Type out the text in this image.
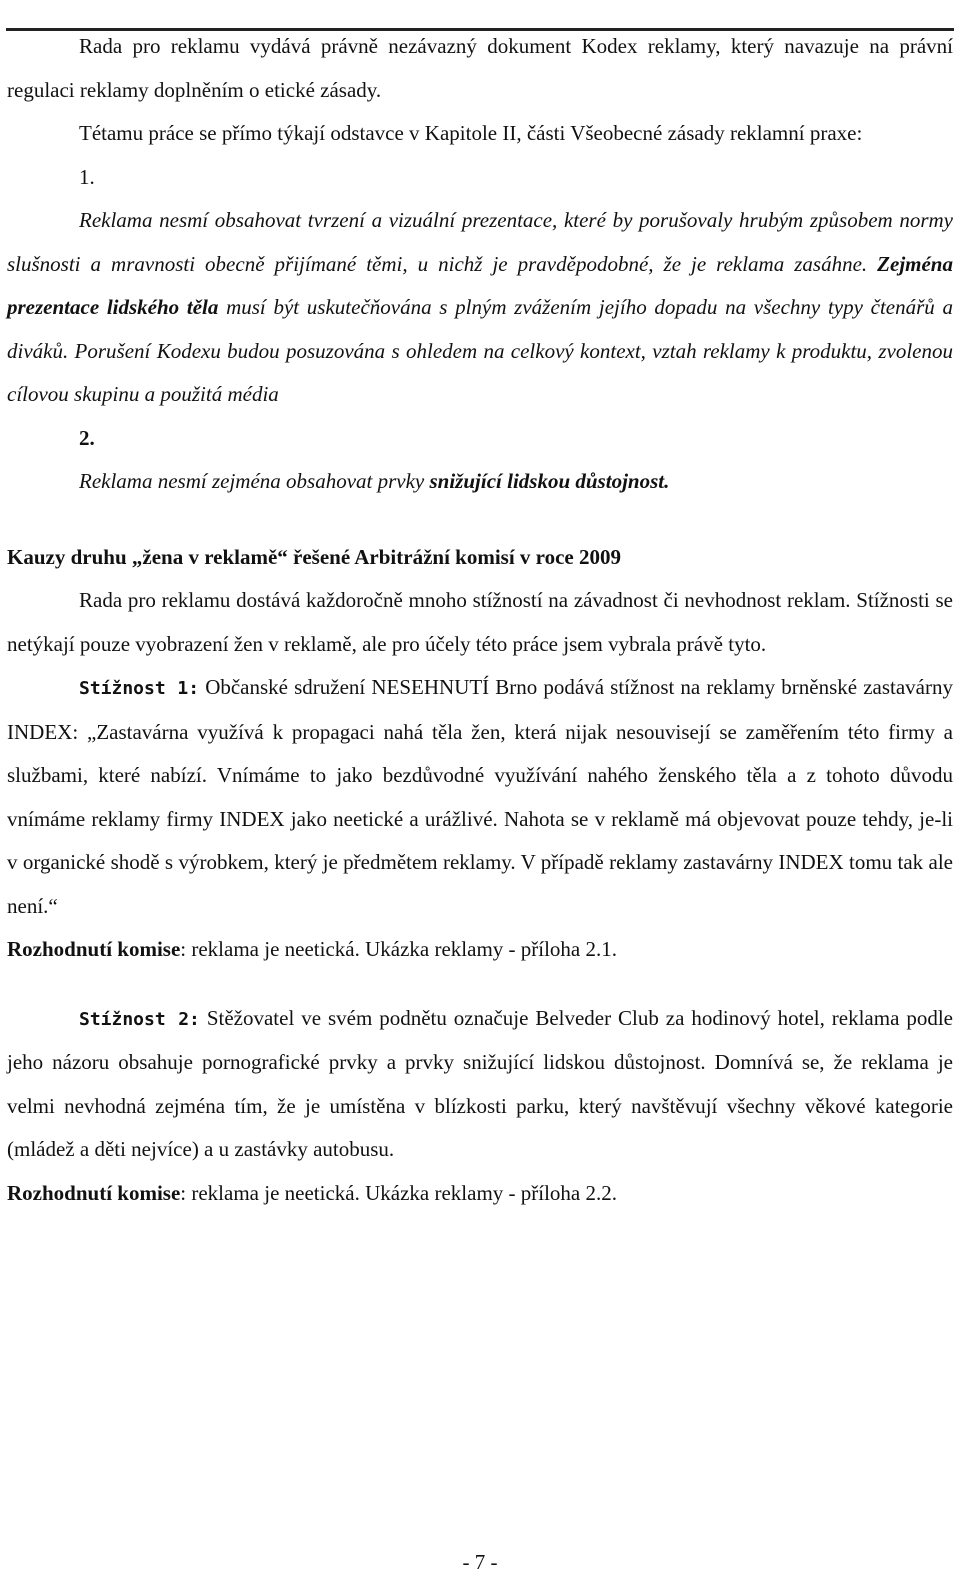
Rada pro reklamu vydává právně nezávazný dokument Kodex reklamy, který navazuje na právní regulaci reklamy doplněním o etické zásady.

Tétamu práce se přímo týkají odstavce v Kapitole II, části Všeobecné zásady reklamní praxe:

1.

Reklama nesmí obsahovat tvrzení a vizuální prezentace, které by porušovaly hrubým způsobem normy slušnosti a mravnosti obecně přijímané těmi, u nichž je pravděpodobné, že je reklama zasáhne. Zejména prezentace lidského těla musí být uskutečňována s plným zvážením jejího dopadu na všechny typy čtenářů a diváků. Porušení Kodexu budou posuzována s ohledem na celkový kontext, vztah reklamy k produktu, zvolenou cílovou skupinu a použitá média

2.

Reklama nesmí zejména obsahovat prvky snižující lidskou důstojnost.

Kauzy druhu „žena v reklamě“ řešené Arbitrážní komisí v roce 2009

Rada pro reklamu dostává každoročně mnoho stížností na závadnost či nevhodnost reklam. Stížnosti se netýkají pouze vyobrazení žen v reklamě, ale pro účely této práce jsem vybrala právě tyto.

Stížnost 1: Občanské sdružení NESEHNUTÍ Brno podává stížnost na reklamy brněnské zastavárny INDEX: „Zastavárna využívá k propagaci nahá těla žen, která nijak nesouvisejí se zaměřením této firmy a službami, které nabízí. Vnímáme to jako bezdůvodné využívání nahého ženského těla a z tohoto důvodu vnímáme reklamy firmy INDEX jako neetické a urážlivé. Nahota se v reklamě má objevovat pouze tehdy, je-li v organické shodě s výrobkem, který je předmětem reklamy. V případě reklamy zastavárny INDEX tomu tak ale není.“

Rozhodnutí komise: reklama je neetická. Ukázka reklamy - příloha 2.1.

Stížnost 2: Stěžovatel ve svém podnětu označuje Belveder Club za hodinový hotel, reklama podle jeho názoru obsahuje pornografické prvky a prvky snižující lidskou důstojnost. Domnívá se, že reklama je velmi nevhodná zejména tím, že je umístěna v blízkosti parku, který navštěvují všechny věkové kategorie (mládež a děti nejvíce) a u zastávky autobusu.

Rozhodnutí komise: reklama je neetická. Ukázka reklamy - příloha 2.2.

- 7 -
